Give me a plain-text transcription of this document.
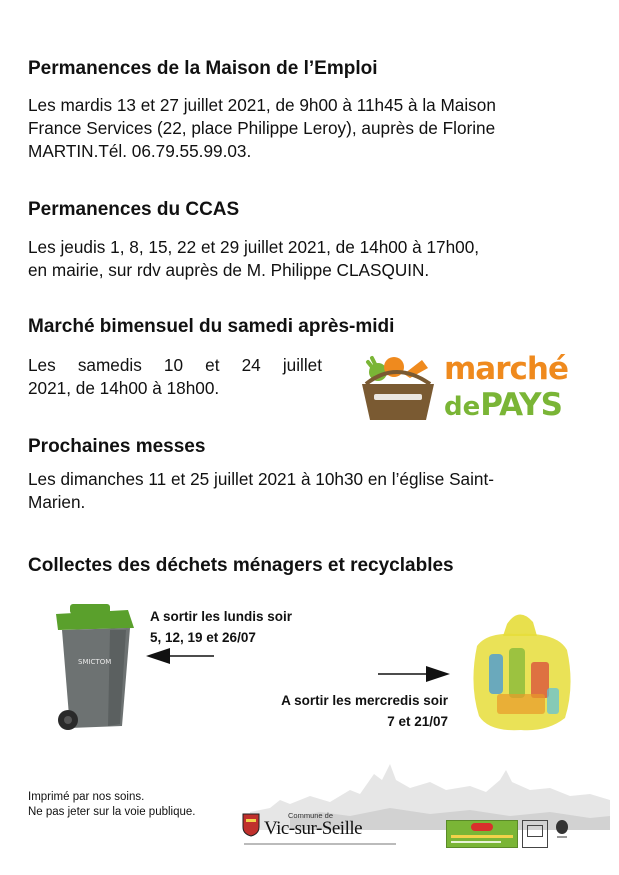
Permanences de la Maison de l’Emploi

Les mardis 13 et 27 juillet 2021, de 9h00 à 11h45 à la Maison

France Services (22, place Philippe Leroy), auprès de Florine

MARTIN.Tél. 06.79.55.99.03.

Permanences du CCAS

Les jeudis 1, 8, 15, 22 et 29 juillet 2021, de 14h00 à 17h00,

en mairie, sur rdv auprès de M. Philippe CLASQUIN.

Marché bimensuel du samedi après-midi

Les samedis 10 et 24 juillet

2021, de 14h00 à 18h00.

marché
dePAYS
Prochaines messes

Les dimanches 11 et 25 juillet 2021 à 10h30 en l’église Saint-

Marien.

Collectes des déchets ménagers et recyclables
SMICTOM
A sortir les lundis soir
5, 12, 19 et 26/07
A sortir les mercredis soir
7 et 21/07
Imprimé par nos soins.
Ne pas jeter sur la voie publique.	Commune de
Vic-sur-Seille
